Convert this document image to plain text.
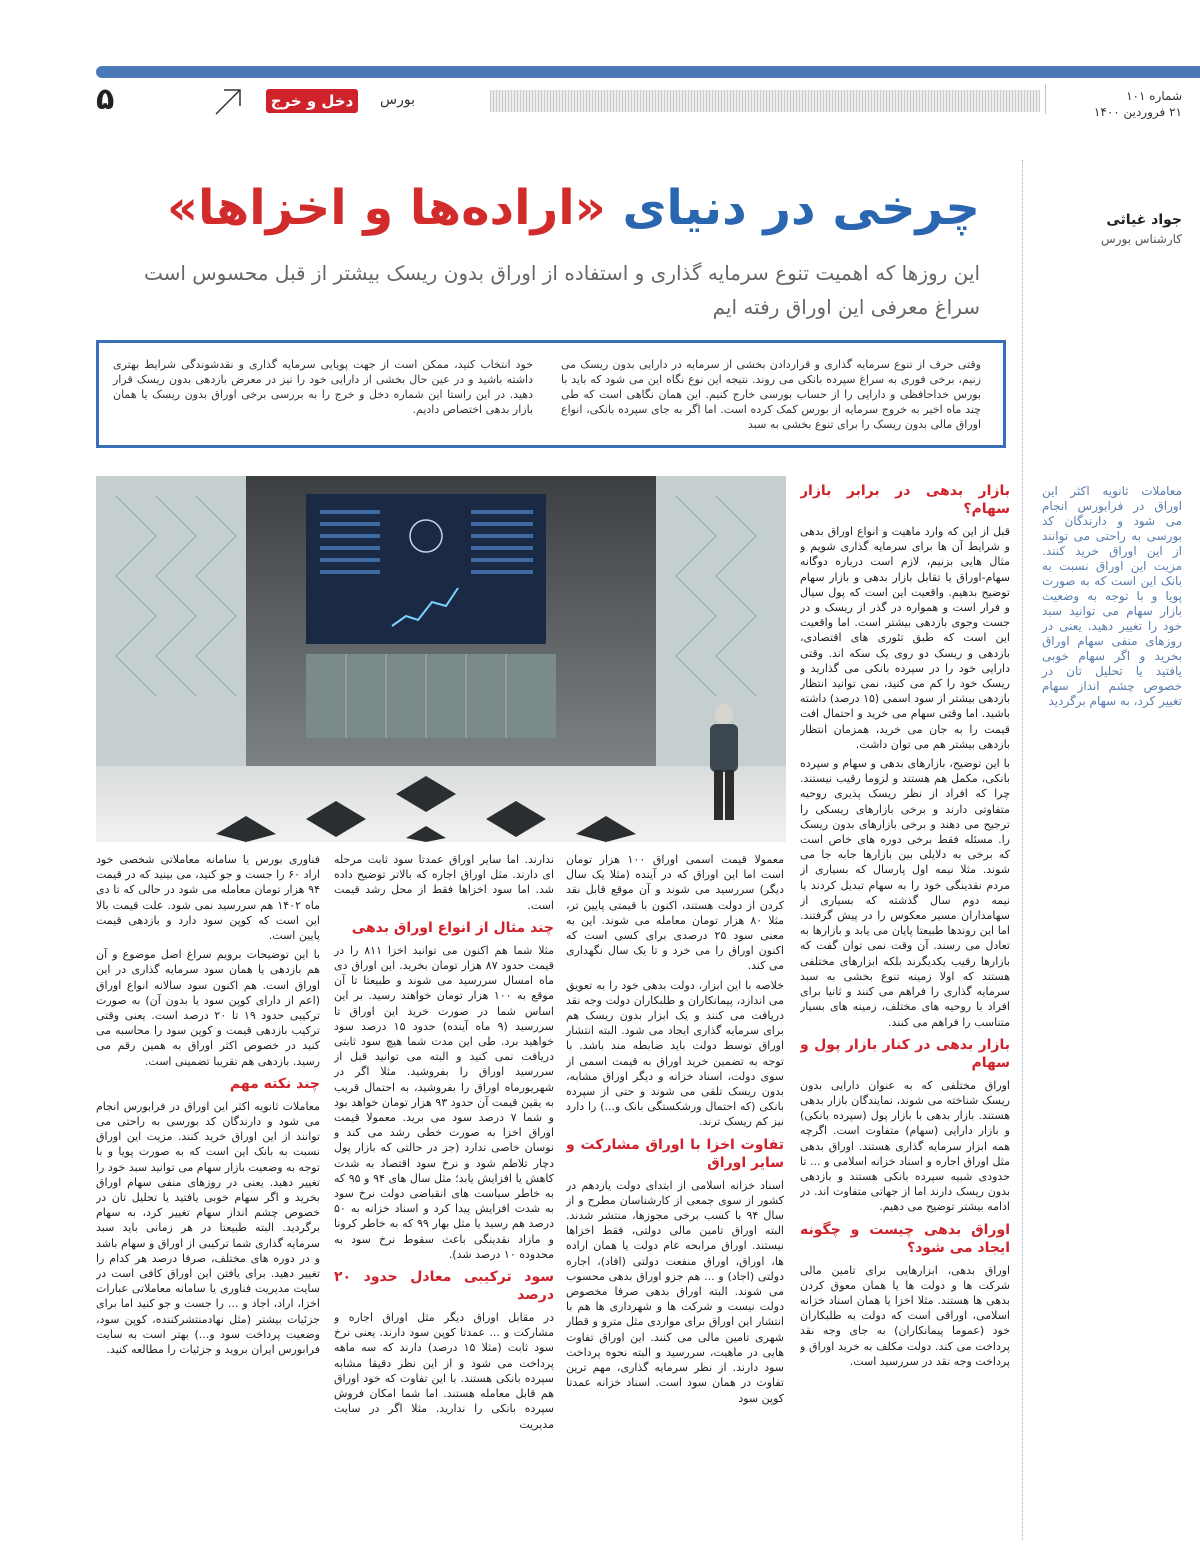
شماره ۱۰۱
۲۱ فروردین ۱۴۰۰
۵	دخل و خرج	بورس
چرخی در دنیای «اراده‌ها و اخزاها»	جواد غیاثی
کارشناس بورس
این روزها که اهمیت تنوع سرمایه گذاری و استفاده از اوراق بدون ریسک بیشتر از قبل محسوس است
سراغ معرفی این اوراق رفته ایم
وقتی حرف از تنوع سرمایه گذاری و قراردادن بخشی از سرمایه در دارایی بدون ریسک می زنیم، برخی فوری به سراغ سپرده بانکی می روند. نتیجه این نوع نگاه این می شود که باید با بورس خداحافظی و دارایی را از حساب بورسی خارج کنیم. این همان نگاهی است که طی چند ماه اخیر به خروج سرمایه از بورس کمک کرده است. اما اگر به جای سپرده بانکی، انواع اوراق مالی بدون ریسک را برای تنوع بخشی به سبد
خود انتخاب کنید، ممکن است از جهت پویایی سرمایه گذاری و نقدشوندگی شرایط بهتری داشته باشید و در عین حال بخشی از دارایی خود را نیز در معرض بازدهی بدون ریسک قرار دهید. در این راستا این شماره دخل و خرج را به بررسی برخی اوراق بدون ریسک یا همان بازار بدهی اختصاص دادیم.
معاملات ثانویه اکثر این اوراق در فرابورس انجام می شود و دارندگان کد بورسی به راحتی می توانند از این اوراق خرید کنند. مزیت این اوراق نسبت به بانک این است که به صورت پویا و با توجه به وضعیت بازار سهام می توانید سبد خود را تغییر دهید. یعنی در روزهای منفی سهام اوراق بخرید و اگر سهام خوبی یافتید یا تحلیل تان در خصوص چشم انداز سهام تغییر کرد، به سهام برگردید
بازار بدهی در برابر بازار سهام؟

قبل از این که وارد ماهیت و انواع اوراق بدهی و شرایط آن ها برای سرمایه گذاری شویم و مثال هایی بزنیم، لازم است درباره دوگانه سهام-اوراق یا تقابل بازار بدهی و بازار سهام توضیح بدهیم. واقعیت این است که پول سیال و فرار است و همواره در گذر از ریسک و در جست وجوی بازدهی بیشتر است. اما واقعیت این است که طبق تئوری های اقتصادی، بازدهی و ریسک دو روی یک سکه اند. وقتی دارایی خود را در سپرده بانکی می گذارید و ریسک خود را کم می کنید، نمی توانید انتظار بازدهی بیشتر از سود اسمی (۱۵ درصد) داشته باشید. اما وقتی سهام می خرید و احتمال افت قیمت را به جان می خرید، همزمان انتظار بازدهی بیشتر هم می توان داشت.

با این توضیح، بازارهای بدهی و سهام و سپرده بانکی، مکمل هم هستند و لزوما رقیب نیستند. چرا که افراد از نظر ریسک پذیری روحیه متفاوتی دارند و برخی بازارهای ریسکی را ترجیح می دهند و برخی بازارهای بدون ریسک را. مسئله فقط برخی دوره های خاص است که برخی به دلایلی بین بازارها جابه جا می شوند. مثلا نیمه اول پارسال که بسیاری از مردم نقدینگی خود را به سهام تبدیل کردند یا نیمه دوم سال گذشته که بسیاری از سهامداران مسیر معکوس را در پیش گرفتند. اما این روندها طبیعتا پایان می یابد و بازارها به تعادل می رسند. آن وقت نمی توان گفت که بازارها رقیب یکدیگرند بلکه ابزارهای مختلفی هستند که اولا زمینه تنوع بخشی به سبد سرمایه گذاری را فراهم می کنند و ثانیا برای افراد با روحیه های مختلف، زمینه های بسیار متناسب را فراهم می کنند.

بازار بدهی در کنار بازار پول و سهام

اوراق مختلفی که به عنوان دارایی بدون ریسک شناخته می شوند، نمایندگان بازار بدهی هستند. بازار بدهی با بازار پول (سپرده بانکی) و بازار دارایی (سهام) متفاوت است. اگرچه همه ابزار سرمایه گذاری هستند. اوراق بدهی مثل اوراق اجاره و اسناد خزانه اسلامی و ... تا حدودی شبیه سپرده بانکی هستند و بازدهی بدون ریسک دارند اما از جهاتی متفاوت اند. در ادامه بیشتر توضیح می دهیم.

اوراق بدهی چیست و چگونه ایجاد می شود؟

اوراق بدهی، ابزارهایی برای تامین مالی شرکت ها و دولت ها یا همان معوق کردن بدهی ها هستند. مثلا اخزا یا همان اسناد خزانه اسلامی، اوراقی است که دولت به طلبکاران خود (عموما پیمانکاران) به جای وجه نقد پرداخت می کند. دولت مکلف به خرید اوراق و پرداخت وجه نقد در سررسید است.

معمولا قیمت اسمی اوراق ۱۰۰ هزار تومان است اما این اوراق که در آینده (مثلا یک سال دیگر) سررسید می شوند و آن موقع قابل نقد کردن از دولت هستند، اکنون با قیمتی پایین تر، مثلا ۸۰ هزار تومان معامله می شوند. این به معنی سود ۲۵ درصدی برای کسی است که اکنون اوراق را می خرد و تا یک سال نگهداری می کند.

خلاصه با این ابزار، دولت بدهی خود را به تعویق می اندازد، پیمانکاران و طلبکاران دولت وجه نقد دریافت می کنند و یک ابزار بدون ریسک هم برای سرمایه گذاری ایجاد می شود. البته انتشار اوراق توسط دولت باید ضابطه مند باشد. با توجه به تضمین خرید اوراق به قیمت اسمی از سوی دولت، اسناد خزانه و دیگر اوراق مشابه، بدون ریسک تلقی می شوند و حتی از سپرده بانکی (که احتمال ورشکستگی بانک و...) را دارد نیز کم ریسک ترند.

تفاوت اخزا با اوراق مشارکت و سایر اوراق

اسناد خزانه اسلامی از ابتدای دولت یازدهم در کشور از سوی جمعی از کارشناسان مطرح و از سال ۹۴ با کسب برخی مجوزها، منتشر شدند. البته اوراق تامین مالی دولتی، فقط اخزاها نیستند. اوراق مرابحه عام دولت یا همان اراده ها، اوراق، اوراق منفعت دولتی (افاد)، اجاره دولتی (اجاد) و ... هم جزو اوراق بدهی محسوب می شوند. البته اوراق بدهی صرفا مخصوص دولت نیست و شرکت ها و شهرداری ها هم با انتشار این اوراق برای مواردی مثل مترو و قطار شهری تامین مالی می کنند. این اوراق تفاوت هایی در ماهیت، سررسید و البته نحوه پرداخت سود دارند. از نظر سرمایه گذاری، مهم ترین تفاوت در همان سود است. اسناد خزانه عمدتا کوپن سود

ندارند. اما سایر اوراق عمدتا سود ثابت مرحله ای دارند. مثل اوراق اجاره که بالاتر توضیح داده شد. اما سود اخزاها فقط از محل رشد قیمت است.

چند مثال از انواع اوراق بدهی

مثلا شما هم اکنون می توانید اخزا ۸۱۱ را در قیمت حدود ۸۷ هزار تومان بخرید. این اوراق دی ماه امسال سررسید می شوند و طبیعتا تا آن موقع به ۱۰۰ هزار تومان خواهند رسید. بر این اساس شما در صورت خرید این اوراق تا سررسید (۹ ماه آینده) حدود ۱۵ درصد سود خواهید برد. طی این مدت شما هیچ سود ثابتی دریافت نمی کنید و البته می توانید قبل از سررسید اوراق را بفروشید. مثلا اگر در شهریورماه اوراق را بفروشید، به احتمال قریب به یقین قیمت آن حدود ۹۳ هزار تومان خواهد بود و شما ۷ درصد سود می برید. معمولا قیمت اوراق اخزا به صورت خطی رشد می کند و نوسان خاصی ندارد (جز در حالتی که بازار پول دچار تلاطم شود و نرخ سود اقتصاد به شدت کاهش یا افزایش یابد؛ مثل سال های ۹۴ و ۹۵ که به خاطر سیاست های انقباضی دولت نرخ سود به شدت افزایش پیدا کرد و اسناد خزانه به ۵۰ درصد هم رسید یا مثل بهار ۹۹ که به خاطر کرونا و مازاد نقدینگی باعث سقوط نرخ سود به محدوده ۱۰ درصد شد).

سود ترکیبی معادل حدود ۲۰ درصد

در مقابل اوراق دیگر مثل اوراق اجاره و مشارکت و ... عمدتا کوپن سود دارند. یعنی نرخ سود ثابت (مثلا ۱۵ درصد) دارند که سه ماهه پرداخت می شود و از این نظر دقیقا مشابه سپرده بانکی هستند. با این تفاوت که خود اوراق هم قابل معامله هستند. اما شما امکان فروش سپرده بانکی را ندارید. مثلا اگر در سایت مدیریت

فناوری بورس یا سامانه معاملاتی شخصی خود اراد ۶۰ را جست و جو کنید، می بینید که در قیمت ۹۴ هزار تومان معامله می شود در حالی که تا دی ماه ۱۴۰۲ هم سررسید نمی شود. علت قیمت بالا این است که کوپن سود دارد و بازدهی قیمت پایین است.

با این توضیحات برویم سراغ اصل موضوع و آن هم بازدهی یا همان سود سرمایه گذاری در این اوراق است. هم اکنون سود سالانه انواع اوراق (اعم از دارای کوپن سود یا بدون آن) به صورت ترکیبی حدود ۱۹ تا ۲۰ درصد است. یعنی وقتی ترکیب بازدهی قیمت و کوپن سود را محاسبه می کنید در خصوص اکثر اوراق به همین رقم می رسید. بازدهی هم تقریبا تضمینی است.

چند نکته مهم

معاملات ثانویه اکثر این اوراق در فرابورس انجام می شود و دارندگان کد بورسی به راحتی می توانند از این اوراق خرید کنند. مزیت این اوراق نسبت به بانک این است که به صورت پویا و با توجه به وضعیت بازار سهام می توانید سبد خود را تغییر دهید. یعنی در روزهای منفی سهام اوراق بخرید و اگر سهام خوبی یافتید یا تحلیل تان در خصوص چشم انداز سهام تغییر کرد، به سهام برگردید. البته طبیعتا در هر زمانی باید سبد سرمایه گذاری شما ترکیبی از اوراق و سهام باشد و در دوره های مختلف، صرفا درصد هر کدام را تغییر دهید. برای یافتن این اوراق کافی است در سایت مدیریت فناوری یا سامانه معاملاتی عبارات اخزا، اراد، اجاد و ... را جست و جو کنید اما برای جزئیات بیشتر (مثل نهادمنتشرکننده، کوپن سود، وضعیت پرداخت سود و...) بهتر است به سایت فرابورس ایران بروید و جزئیات را مطالعه کنید.
